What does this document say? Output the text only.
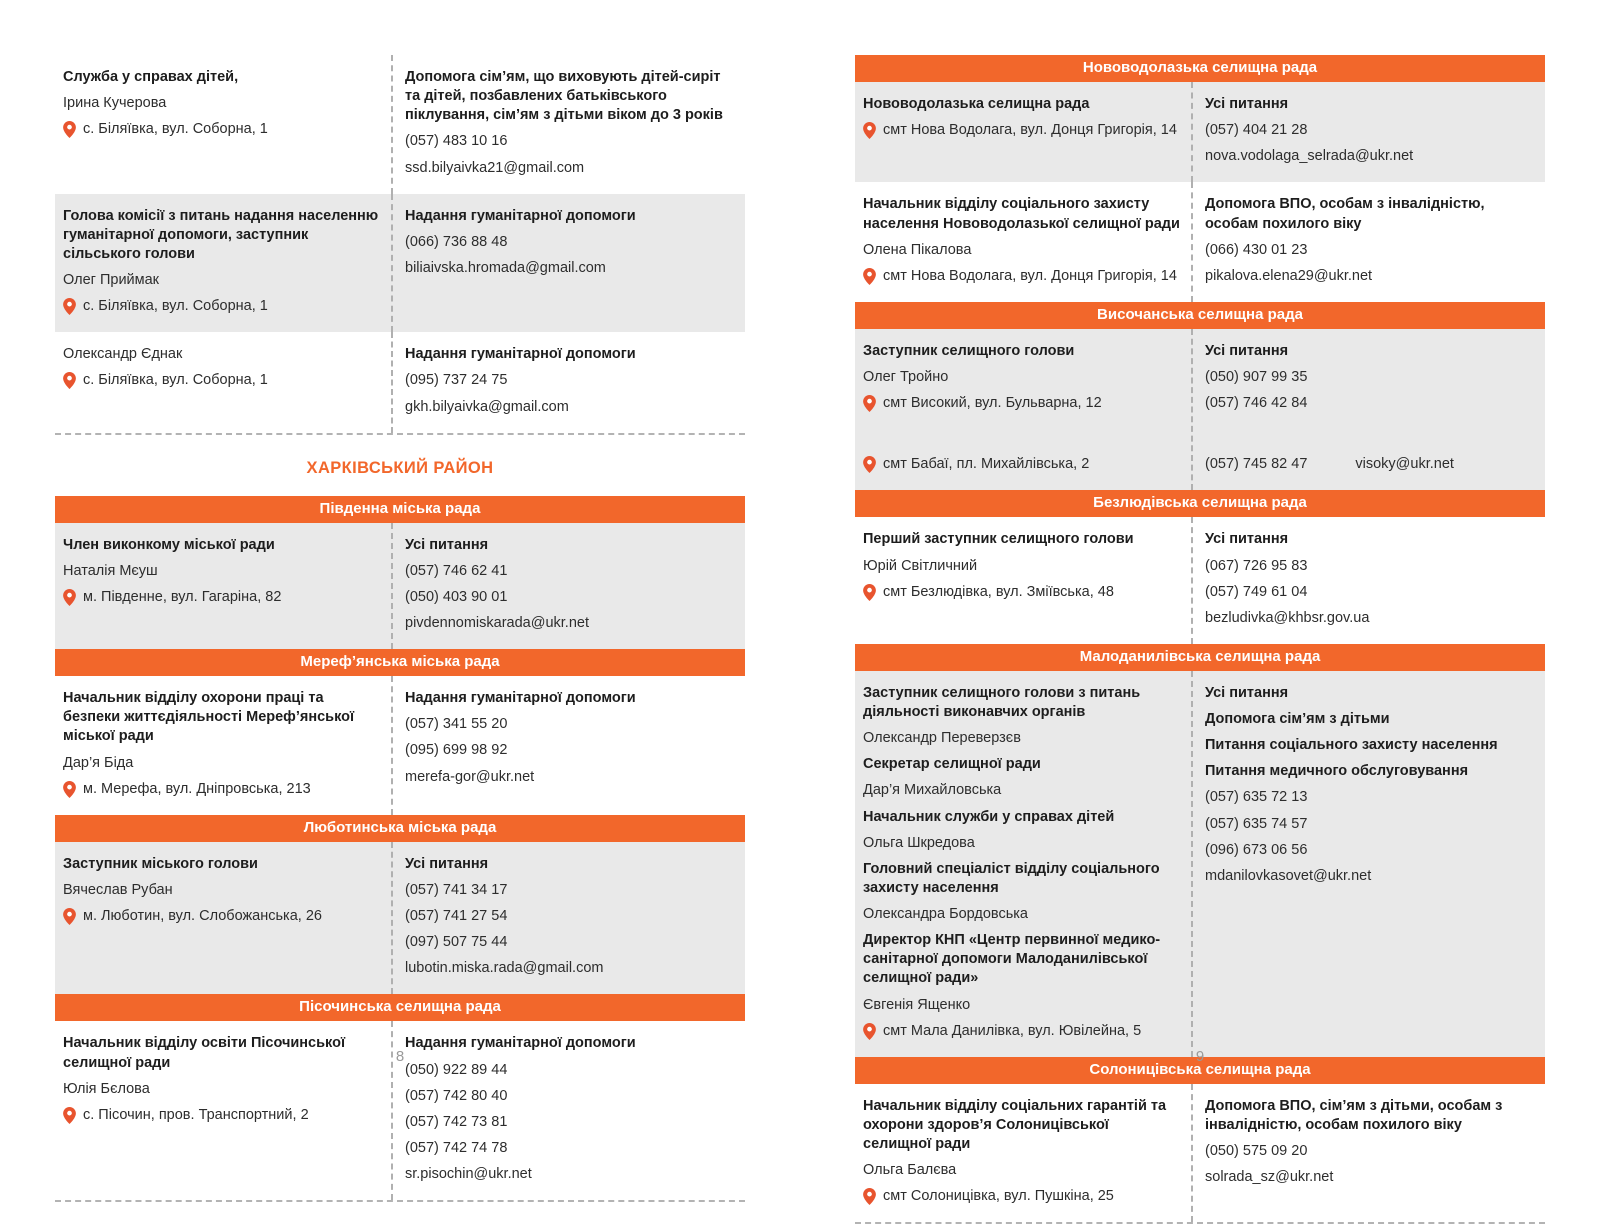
Служба у справах дітей,
Ірина Кучерова
с. Біляївка, вул. Соборна, 1
Допомога сім’ям, що виховують дітей-сиріт та дітей, позбавлених батьківського піклування, сім’ям з дітьми віком до 3 років
(057) 483 10 16
ssd.bilyaivka21@gmail.com
Голова комісії з питань надання населенню гуманітарної допомоги, заступник сільського голови
Олег Приймак
с. Біляївка, вул. Соборна, 1
Надання гуманітарної допомоги
(066) 736 88 48
biliaivska.hromada@gmail.com
Олександр Єднак
с. Біляївка, вул. Соборна, 1
Надання гуманітарної допомоги
(095) 737 24 75
gkh.bilyaivka@gmail.com
ХАРКІВСЬКИЙ РАЙОН
Південна міська рада
Член виконкому міської ради
Наталія Мєуш
м. Південне, вул. Гагаріна, 82
Усі питання
(057) 746 62 41
(050) 403 90 01
pivdennomiskarada@ukr.net
Мереф’янська міська рада
Начальник відділу охорони праці та безпеки життєдіяльності Мереф’янської міської ради
Дар’я Біда
м. Мерефа, вул. Дніпровська, 213
Надання гуманітарної допомоги
(057) 341 55 20
(095) 699 98 92
merefa-gor@ukr.net
Люботинська міська рада
Заступник міського голови
Вячеслав Рубан
м. Люботин, вул. Слобожанська, 26
Усі питання
(057) 741 34 17
(057) 741 27 54
(097) 507 75 44
lubotin.miska.rada@gmail.com
Пісочинська селищна рада
Начальник відділу освіти Пісочинської селищної ради
Юлія Бєлова
с. Пісочин, пров. Транспортний, 2
Надання гуманітарної допомоги
(050) 922 89 44
(057) 742 80 40
(057) 742 73 81
(057) 742 74 78
sr.pisochin@ukr.net
Нововодолазька селищна рада
Нововодолазька селищна рада
смт Нова Водолага, вул. Донця Григорія, 14
Усі питання
(057) 404 21 28
nova.vodolaga_selrada@ukr.net
Начальник відділу соціального захисту населення Нововодолазької селищної ради
Олена Пікалова
смт Нова Водолага, вул. Донця Григорія, 14
Допомога ВПО, особам з інвалідністю, особам похилого віку
(066) 430 01 23
pikalova.elena29@ukr.net
Височанська селищна рада
Заступник селищного голови
Олег Тройно
смт Високий, вул. Бульварна, 12
смт Бабаї, пл. Михайлівська, 2
Усі питання
(050) 907 99 35
(057) 746 42 84
(057) 745 82 47	visoky@ukr.net
Безлюдівська селищна рада
Перший заступник селищного голови
Юрій Світличний
смт Безлюдівка, вул. Зміївська, 48
Усі питання
(067) 726 95 83
(057) 749 61 04
bezludivka@khbsr.gov.ua
Малоданилівська селищна рада
Заступник селищного голови з питань діяльності виконавчих органів
Олександр Переверзєв
Секретар селищної ради
Дар’я Михайловська
Начальник служби у справах дітей
Ольга Шкредова
Головний спеціаліст відділу соціального захисту населення
Олександра Бордовська
Директор КНП «Центр первинної медико-санітарної допомоги Малоданилівської селищної ради»
Євгенія Ященко
смт Мала Данилівка, вул. Ювілейна, 5
Усі питання
Допомога сім’ям з дітьми
Питання соціального захисту населення
Питання медичного обслуговування
(057) 635 72 13
(057) 635 74 57
(096) 673 06 56
mdanilovkasovet@ukr.net
Солоницівська селищна рада
Начальник відділу соціальних гарантій та охорони здоров’я Солоницівської селищної ради
Ольга Балєва
смт Солоницівка, вул. Пушкіна, 25
Допомога ВПО, сім’ям з дітьми, особам з інвалідністю, особам похилого віку
(050) 575 09 20
solrada_sz@ukr.net
8	9
